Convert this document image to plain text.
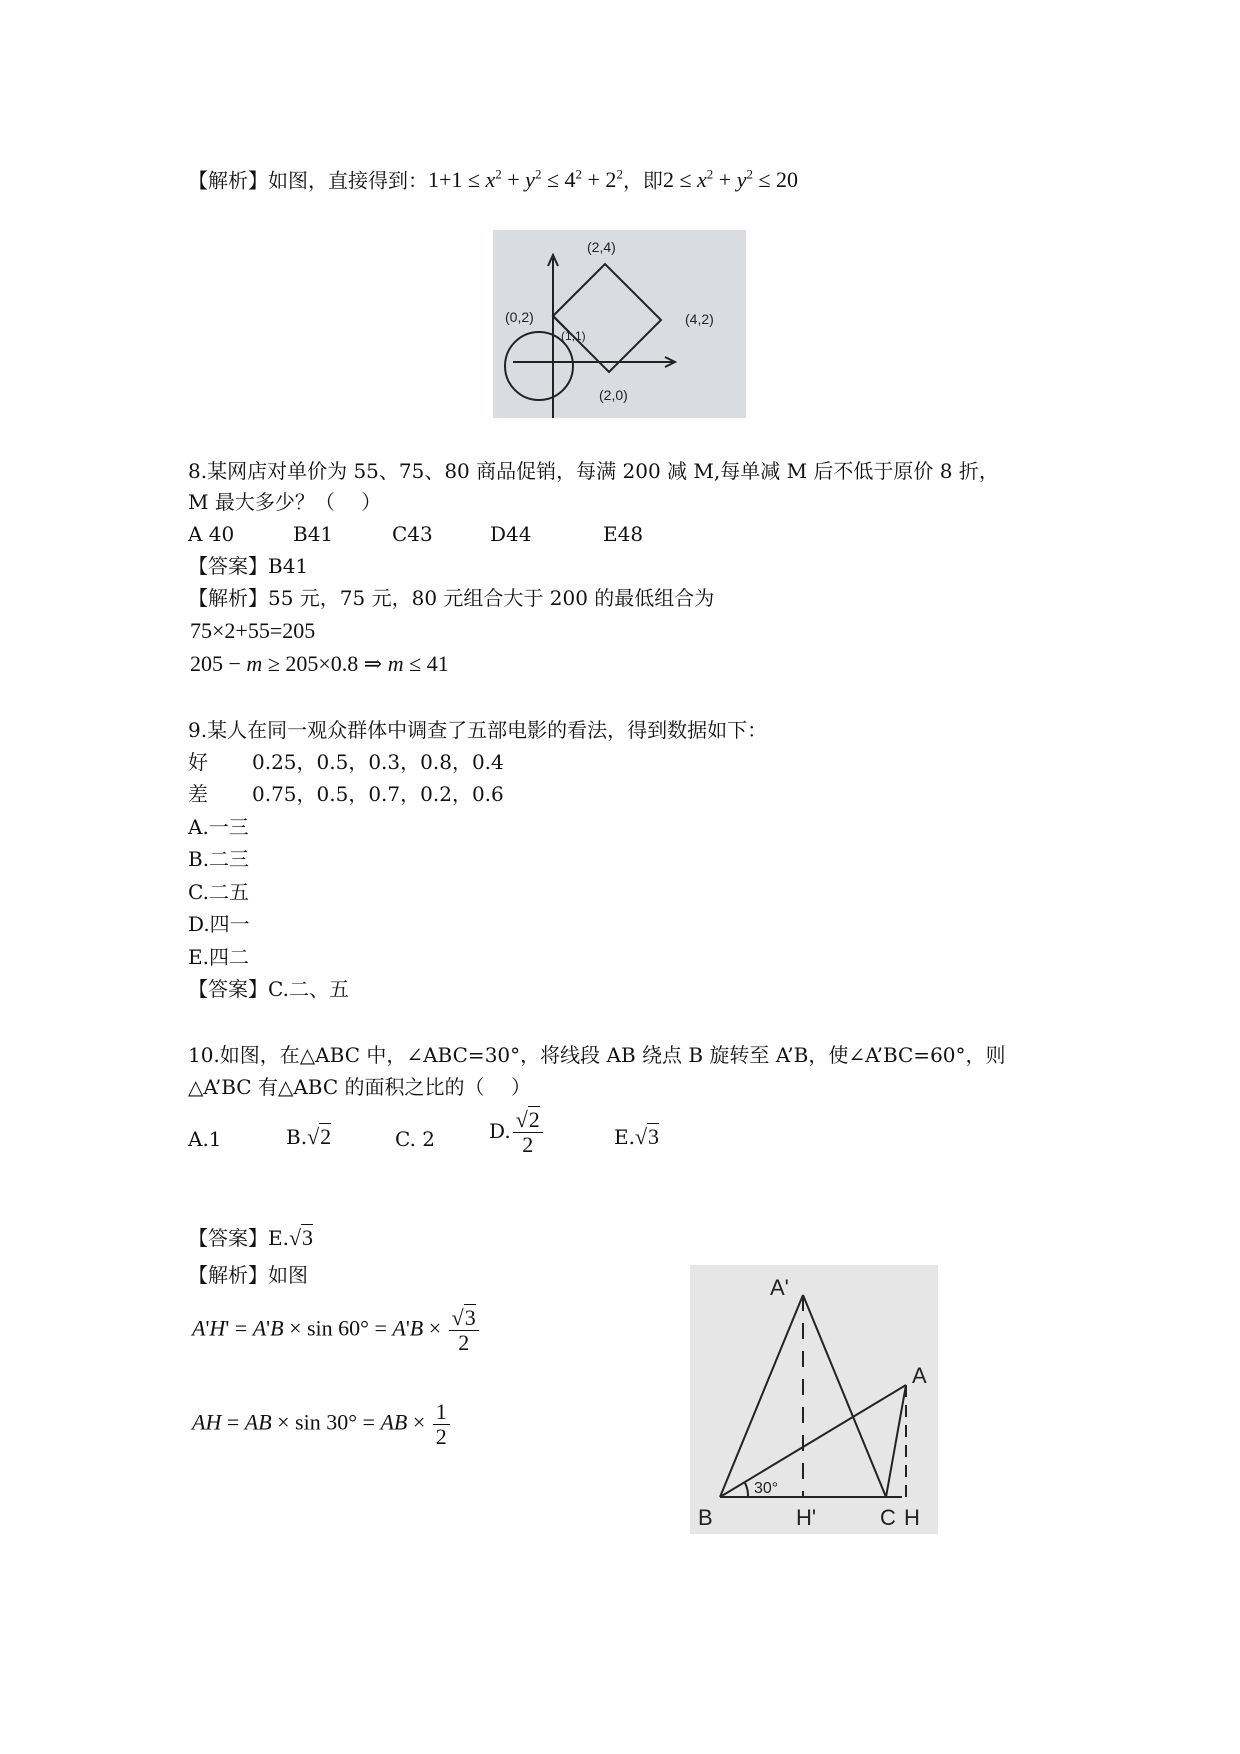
【解析】如图，直接得到：$1+1 \le x^2 + y^2 \le 4^2 + 2^2$，即$2 \le x^2 + y^2 \le 20$
(2,4)
(0,2)
(1,1)
(4,2)
(2,0)
8.某网店对单价为 55、75、80 商品促销，每满 200 减 M,每单减 M 后不低于原价 8 折，
M 最大多少？（　 ）
A 40	B41	C43	D44	E48
【答案】B41
【解析】55 元，75 元，80 元组合大于 200 的最低组合为
75×2+55=205
205 − m ≥ 205×0.8 ⇒ m ≤ 41
9.某人在同一观众群体中调查了五部电影的看法，得到数据如下：
好 0.25，0.5，0.3，0.8，0.4
差 0.75，0.5，0.7，0.2，0.6
A.一三
B.二三
C.二五
D.四一
E.四二
【答案】C.二、五
10.如图，在△ABC 中，∠ABC=30°，将线段 AB 绕点 B 旋转至 A’B，使∠A’BC=60°，则
△A’BC 有△ABC 的面积之比的（　 ）
A.1	B.√2	C. 2	D. $\frac{√2}{2}$	E.√3
【答案】E.√3
【解析】如图
$A'H' = A'B \times \sin 60^\circ = A'B \times \frac{√3}{2}$
AH = AB × sin 30° = AB × $\frac{1}{2}$
A'
A
B	H'	C H
30°
